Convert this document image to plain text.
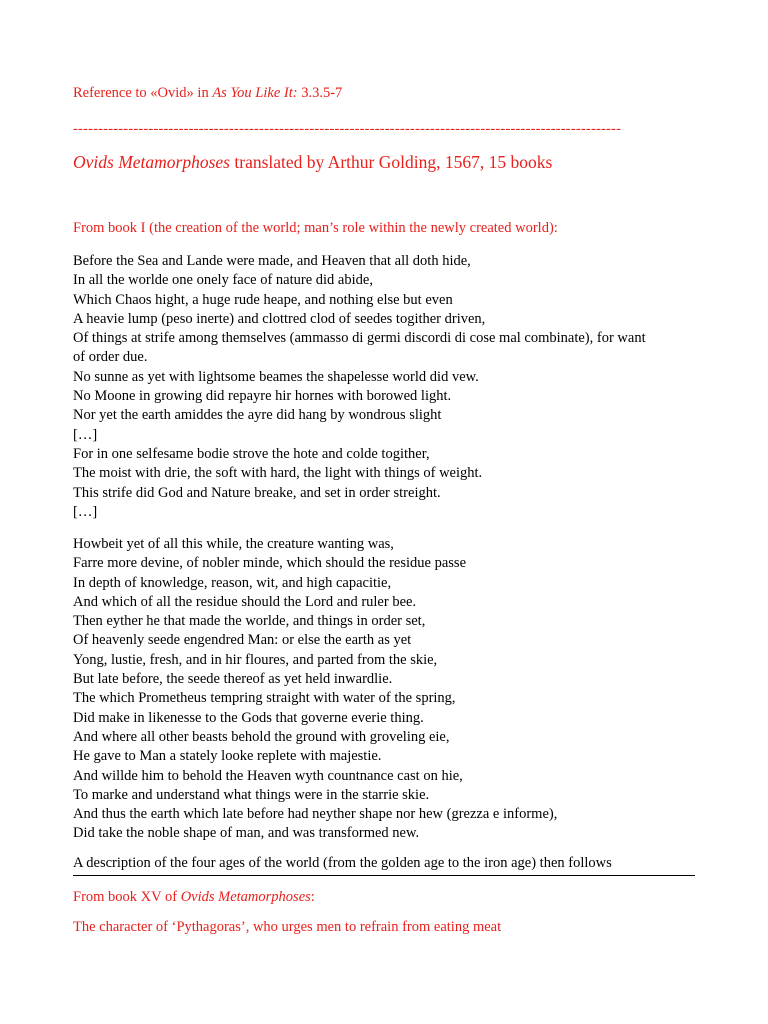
Reference to «Ovid» in As You Like It: 3.3.5-7
-------------------------------------------------------------------------------------------------------------
Ovids Metamorphoses translated by Arthur Golding, 1567, 15 books
From book I (the creation of the world; man’s role within the newly created world):
Before the Sea and Lande were made, and Heaven that all doth hide,
In all the worlde one onely face of nature did abide,
Which Chaos hight, a huge rude heape, and nothing else but even
A heavie lump (peso inerte) and clottred clod of seedes togither driven,
Of things at strife among themselves (ammasso di germi discordi di cose mal combinate), for want
of order due.
No sunne as yet with lightsome beames the shapelesse world did vew.
No Moone in growing did repayre hir hornes with borowed light.
Nor yet the earth amiddes the ayre did hang by wondrous slight
[…]
For in one selfesame bodie strove the hote and colde togither,
The moist with drie, the soft with hard, the light with things of weight.
This strife did God and Nature breake, and set in order streight.
[…]
Howbeit yet of all this while, the creature wanting was,
Farre more devine, of nobler minde, which should the residue passe
In depth of knowledge, reason, wit, and high capacitie,
And which of all the residue should the Lord and ruler bee.
Then eyther he that made the worlde, and things in order set,
Of heavenly seede engendred Man: or else the earth as yet
Yong, lustie, fresh, and in hir floures, and parted from the skie,
But late before, the seede thereof as yet held inwardlie.
The which Prometheus tempring straight with water of the spring,
Did make in likenesse to the Gods that governe everie thing.
And where all other beasts behold the ground with groveling eie,
He gave to Man a stately looke replete with majestie.
And willde him to behold the Heaven wyth countnance cast on hie,
To marke and understand what things were in the starrie skie.
And thus the earth which late before had neyther shape nor hew (grezza e informe),
Did take the noble shape of man, and was transformed new.
A description of the four ages of the world (from the golden age to the iron age) then follows
From book XV of Ovids Metamorphoses:
The character of ‘Pythagoras’, who urges men to refrain from eating meat
